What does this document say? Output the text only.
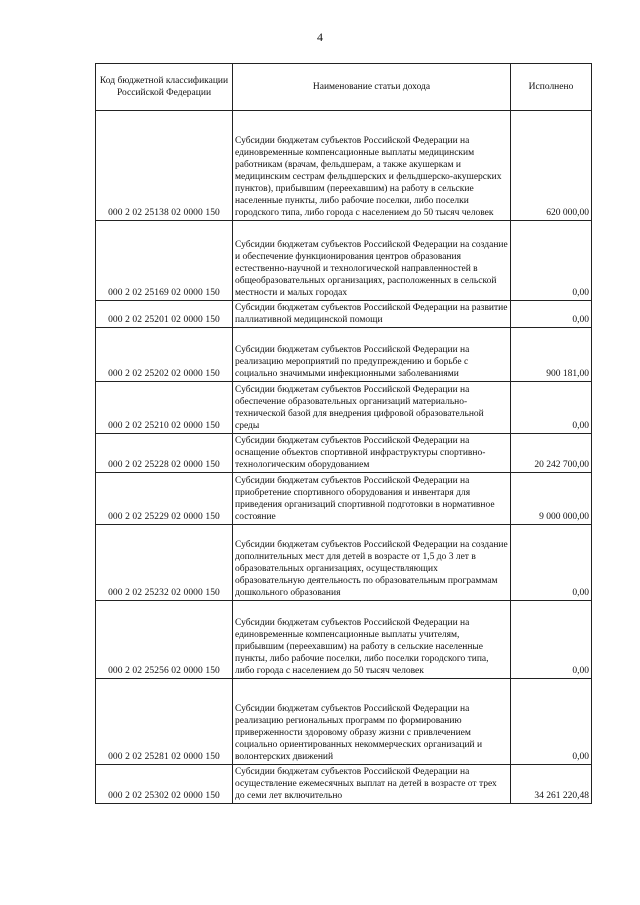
4
Код бюджетной классификации Российской Федерации	Наименование статьи дохода	Исполнено
000 2 02 25138 02 0000 150	Субсидии бюджетам субъектов Российской Федерации на единовременные компенсационные выплаты медицинским работникам (врачам, фельдшерам, а также акушеркам и медицинским сестрам фельдшерских и фельдшерско-акушерских пунктов), прибывшим (переехавшим) на работу в сельские населенные пункты, либо рабочие поселки, либо поселки городского типа, либо города с населением до 50 тысяч человек	620 000,00
000 2 02 25169 02 0000 150	Субсидии бюджетам субъектов Российской Федерации на создание и обеспечение функционирования центров образования естественно-научной и технологической направленностей в общеобразовательных организациях, расположенных в сельской местности и малых городах	0,00
000 2 02 25201 02 0000 150	Субсидии бюджетам субъектов Российской Федерации на развитие паллиативной медицинской помощи	0,00
000 2 02 25202 02 0000 150	Субсидии бюджетам субъектов Российской Федерации на реализацию мероприятий по предупреждению и борьбе с социально значимыми инфекционными заболеваниями	900 181,00
000 2 02 25210 02 0000 150	Субсидии бюджетам субъектов Российской Федерации на обеспечение образовательных организаций материально-технической базой для внедрения цифровой образовательной среды	0,00
000 2 02 25228 02 0000 150	Субсидии бюджетам субъектов Российской Федерации на оснащение объектов спортивной инфраструктуры спортивно-технологическим оборудованием	20 242 700,00
000 2 02 25229 02 0000 150	Субсидии бюджетам субъектов Российской Федерации на приобретение спортивного оборудования и инвентаря для приведения организаций спортивной подготовки в нормативное состояние	9 000 000,00
000 2 02 25232 02 0000 150	Субсидии бюджетам субъектов Российской Федерации на создание дополнительных мест для детей в возрасте от 1,5 до 3 лет в образовательных организациях, осуществляющих образовательную деятельность по образовательным программам дошкольного образования	0,00
000 2 02 25256 02 0000 150	Субсидии бюджетам субъектов Российской Федерации на единовременные компенсационные выплаты учителям, прибывшим (переехавшим) на работу в сельские населенные пункты, либо рабочие поселки, либо поселки городского типа, либо города с населением до 50 тысяч человек	0,00
000 2 02 25281 02 0000 150	Субсидии бюджетам субъектов Российской Федерации на реализацию региональных программ по формированию приверженности здоровому образу жизни с привлечением социально ориентированных некоммерческих организаций и волонтерских движений	0,00
000 2 02 25302 02 0000 150	Субсидии бюджетам субъектов Российской Федерации на осуществление ежемесячных выплат на детей в возрасте от трех до семи лет включительно	34 261 220,48
